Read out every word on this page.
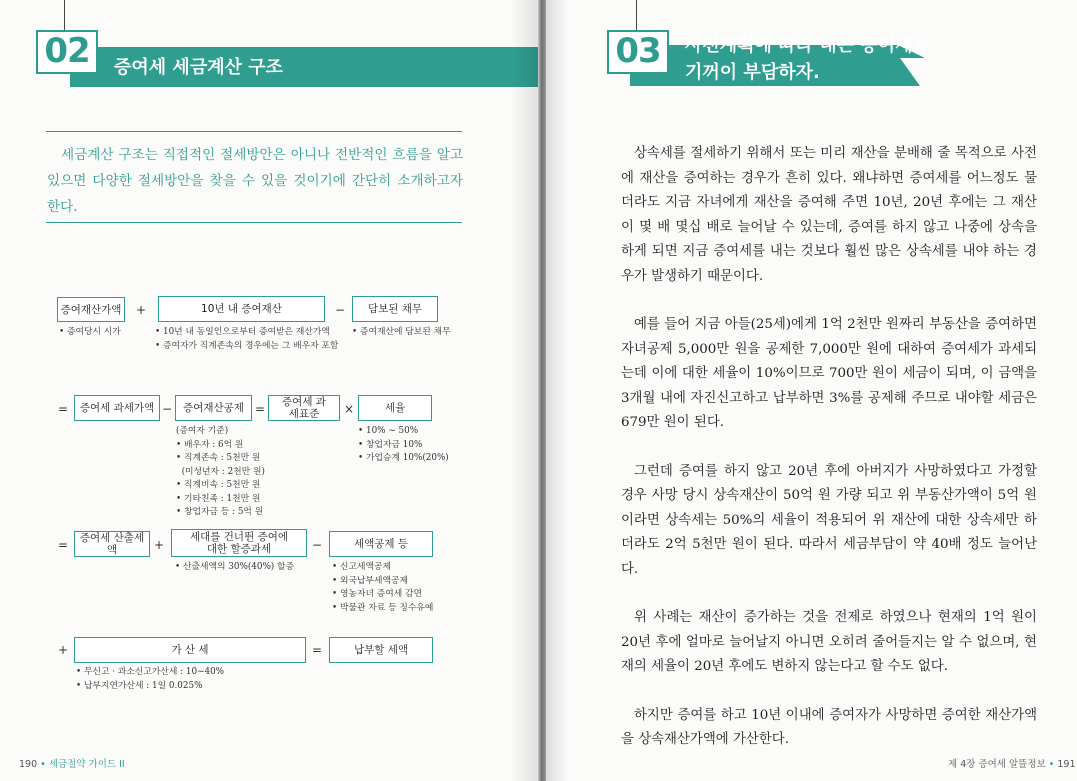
02	증여세 세금계산 구조
세금계산 구조는 직접적인 절세방안은 아니나 전반적인 흐름을 알고 있으면 다양한 절세방안을 찾을 수 있을 것이기에 간단히 소개하고자 한다.
증여재산가액 +	10년 내 증여재산	−	담보된 채무
• 증여당시 시가	• 10년 내 동일인으로부터 증여받은 재산가액
• 증여자가 직계존속의 경우에는 그 배우자 포함
• 증여재산에 담보된 채무
=	증여세 과세가액 −	증여재산공제 =	증여세 과세표준	×	세율
(증여자 기준)
• 배우자 : 6억 원
• 직계존속 : 5천만 원
(미성년자 : 2천만 원)
• 직계비속 : 5천만 원
• 기타친족 : 1천만 원
• 창업자금 등 : 5억 원
• 10% ~ 50%
• 창업자금 10%
• 가업승계 10%(20%)
=	증여세 산출세액	+
세대를 건너뛴 증여에 대한 할증과세	−	세액공제 등
• 산출세액의 30%(40%) 할증	• 신고세액공제
• 외국납부세액공제
• 영농자녀 증여세 감면
• 박물관 자료 등 징수유예
+	가 산 세	=	납부할 세액
• 무신고 · 과소신고가산세 : 10~40%
• 납부지연가산세 : 1일 0.025%
190 • 세금절약 가이드 II
03	사전계획에 따라 내는 증여세는
기꺼이 부담하자.

상속세를 절세하기 위해서 또는 미리 재산을 분배해 줄 목적으로 사전에 재산을 증여하는 경우가 흔히 있다. 왜냐하면 증여세를 어느정도 물더라도 지금 자녀에게 재산을 증여해 주면 10년, 20년 후에는 그 재산이 몇 배 몇십 배로 늘어날 수 있는데, 증여를 하지 않고 나중에 상속을 하게 되면 지금 증여세를 내는 것보다 훨씬 많은 상속세를 내야 하는 경우가 발생하기 때문이다.

예를 들어 지금 아들(25세)에게 1억 2천만 원짜리 부동산을 증여하면 자녀공제 5,000만 원을 공제한 7,000만 원에 대하여 증여세가 과세되는데 이에 대한 세율이 10%이므로 700만 원이 세금이 되며, 이 금액을 3개월 내에 자진신고하고 납부하면 3%를 공제해 주므로 내야할 세금은 679만 원이 된다.

그런데 증여를 하지 않고 20년 후에 아버지가 사망하였다고 가정할 경우 사망 당시 상속재산이 50억 원 가량 되고 위 부동산가액이 5억 원이라면 상속세는 50%의 세율이 적용되어 위 재산에 대한 상속세만 하더라도 2억 5천만 원이 된다. 따라서 세금부담이 약 40배 정도 늘어난다.

위 사례는 재산이 증가하는 것을 전제로 하였으나 현재의 1억 원이 20년 후에 얼마로 늘어날지 아니면 오히려 줄어들지는 알 수 없으며, 현재의 세율이 20년 후에도 변하지 않는다고 할 수도 없다.

하지만 증여를 하고 10년 이내에 증여자가 사망하면 증여한 재산가액을 상속재산가액에 가산한다.

제 4장 증여세 알뜰정보 • 191
